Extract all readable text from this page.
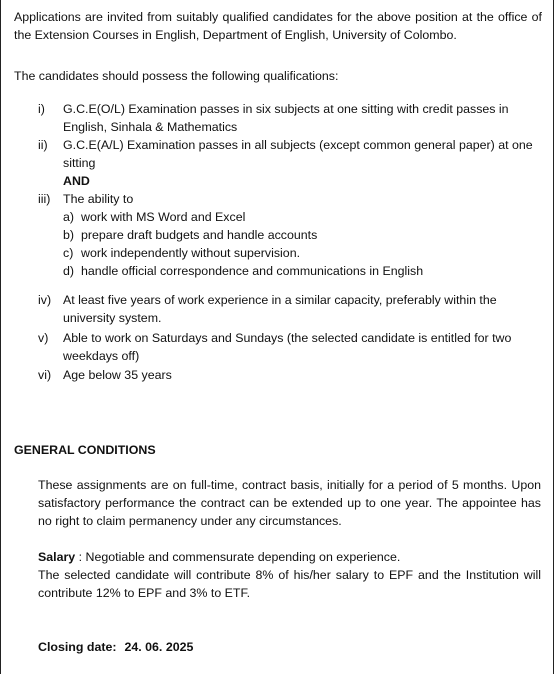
Applications are invited from suitably qualified candidates for the above position at the office of the Extension Courses in English, Department of English, University of Colombo.
The candidates should possess the following qualifications:
i)	G.C.E(O/L) Examination passes in six subjects at one sitting with credit passes in English, Sinhala & Mathematics
ii)	G.C.E(A/L) Examination passes in all subjects (except common general paper) at one sitting
AND
iii)	The ability to
a) work with MS Word and Excel
b) prepare draft budgets and handle accounts
c) work independently without supervision.
d) handle official correspondence and communications in English
iv) At least five years of work experience in a similar capacity, preferably within the university system.
v)	Able to work on Saturdays and Sundays (the selected candidate is entitled for two weekdays off)
vi) Age below 35 years
GENERAL CONDITIONS
These assignments are on full-time, contract basis, initially for a period of 5 months. Upon satisfactory performance the contract can be extended up to one year. The appointee has no right to claim permanency under any circumstances.
Salary : Negotiable and commensurate depending on experience.
The selected candidate will contribute 8% of his/her salary to EPF and the Institution will contribute 12% to EPF and 3% to ETF.
Closing date: 24. 06. 2025
